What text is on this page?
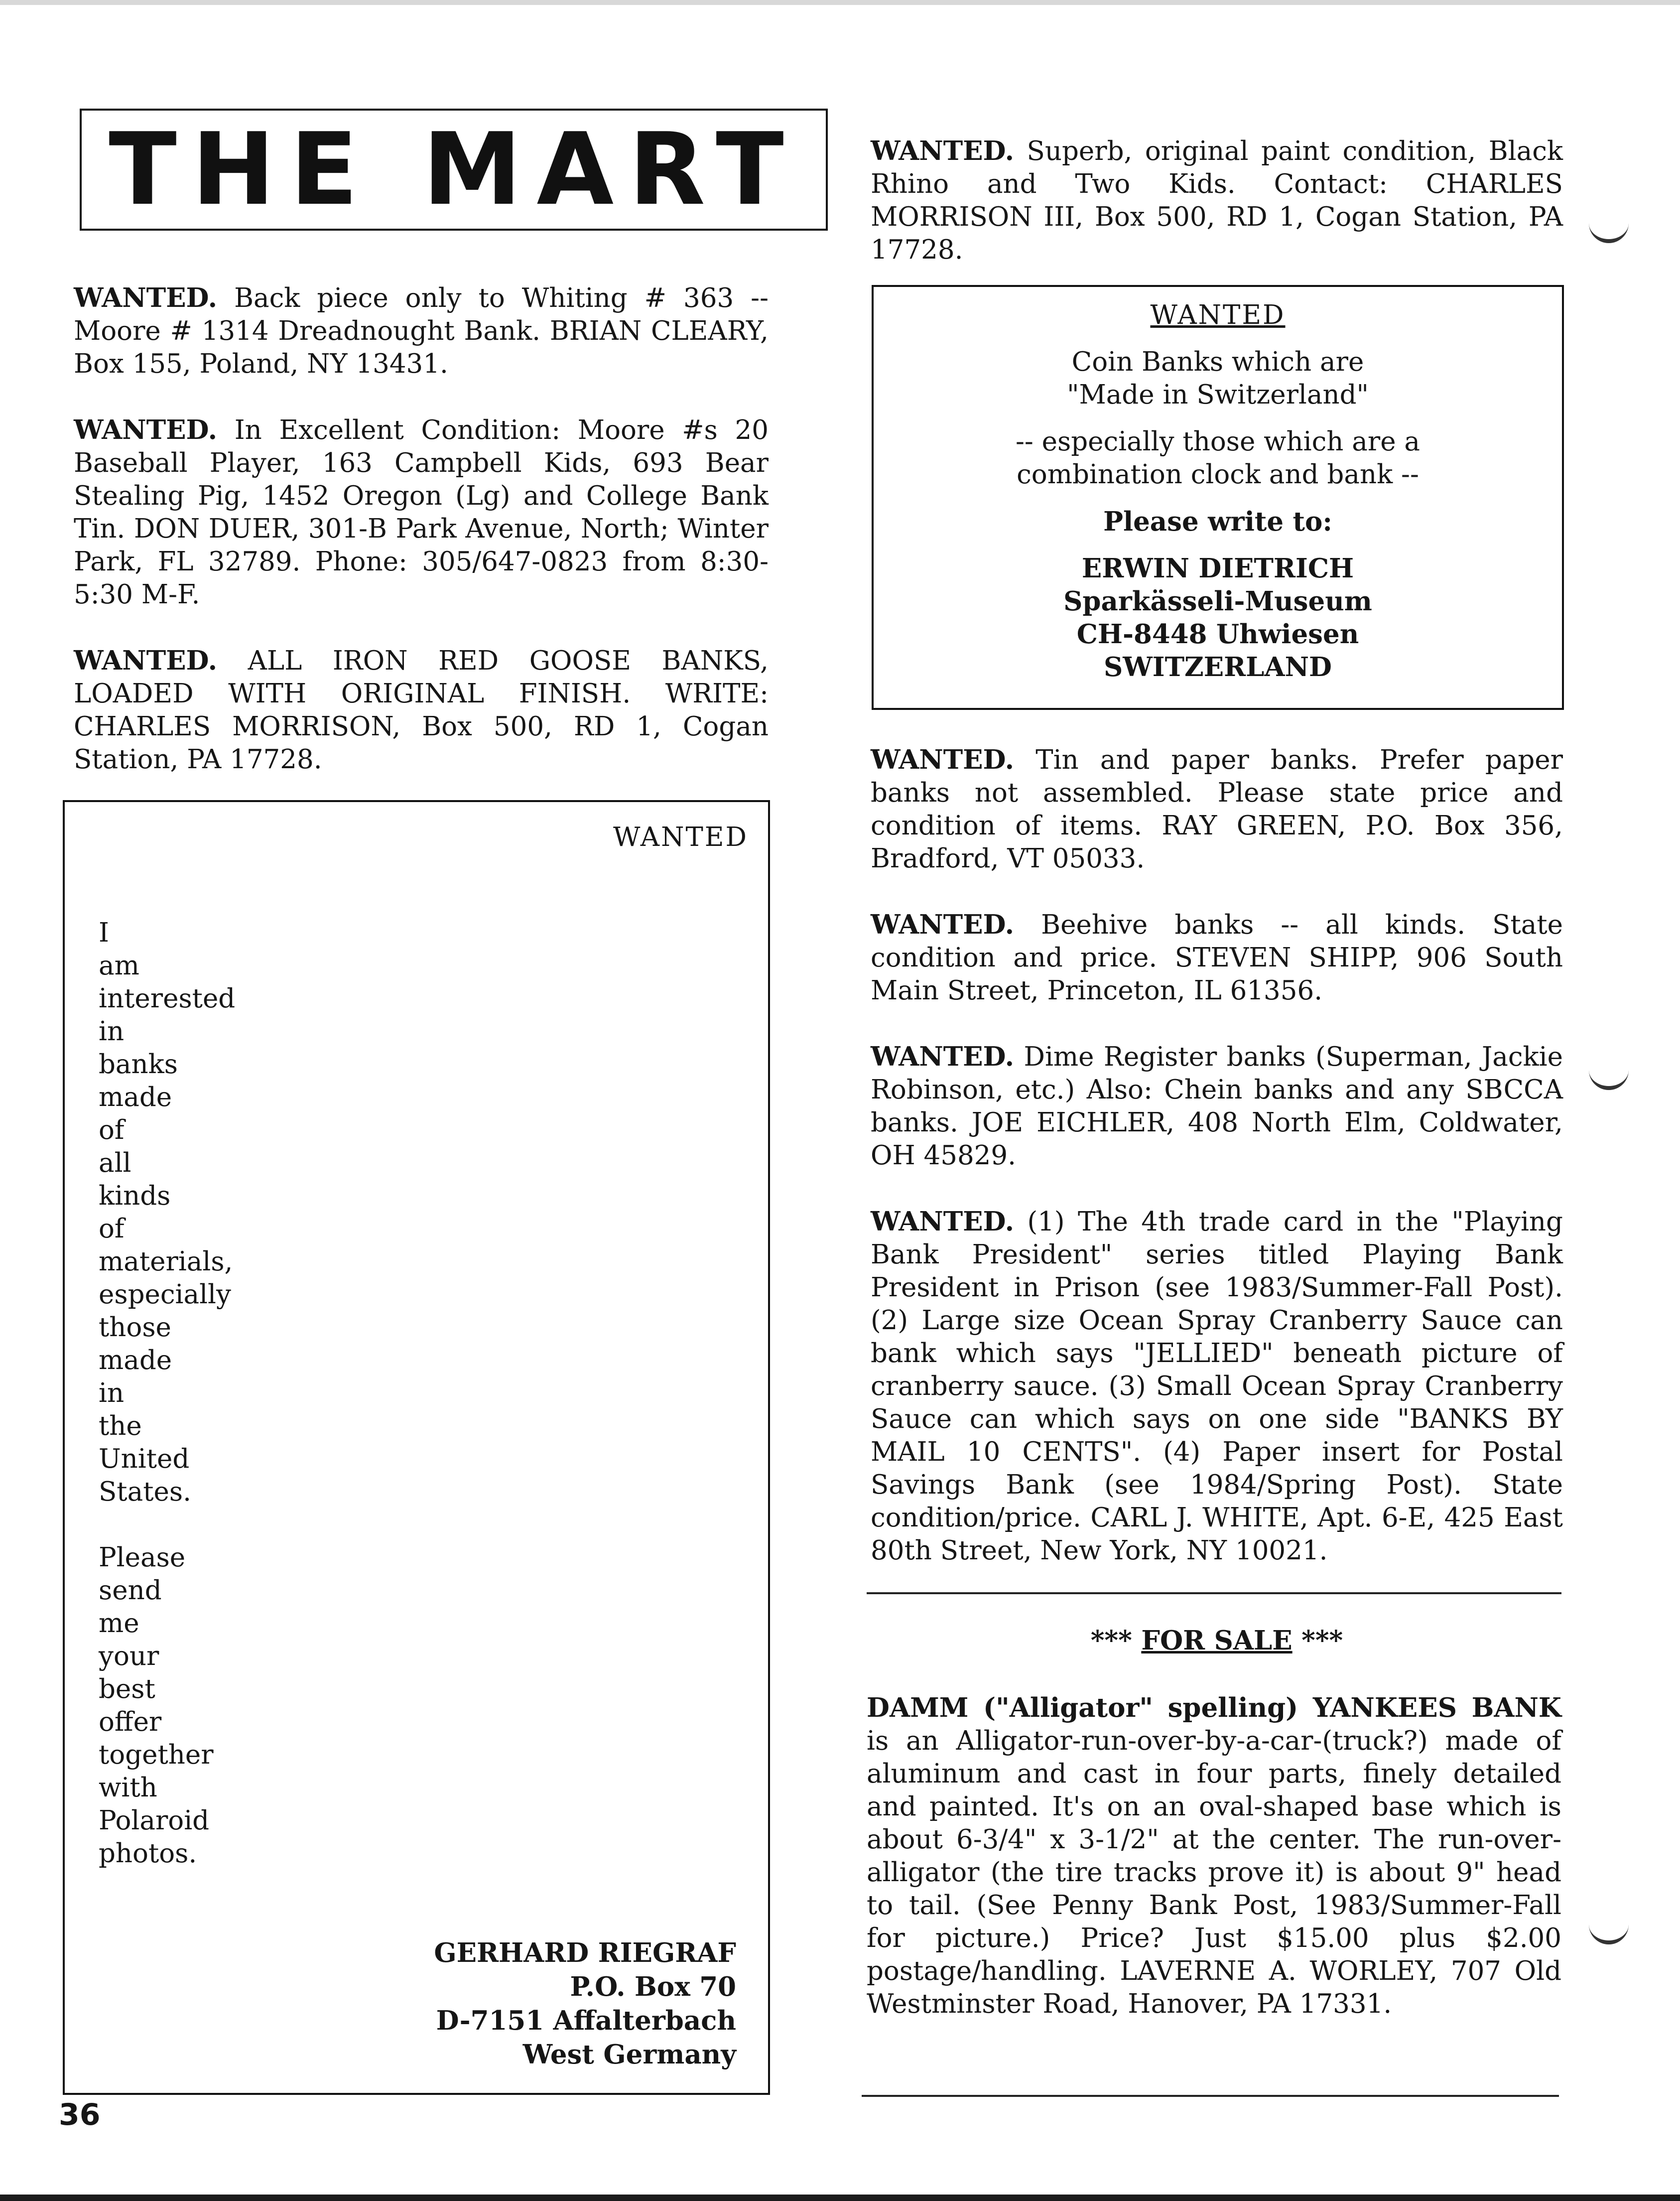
THE MART

WANTED. Back piece only to Whiting # 363 -- Moore # 1314 Dreadnought Bank. BRIAN CLEARY, Box 155, Poland, NY 13431.

WANTED. In Excellent Condition: Moore #s 20 Baseball Player, 163 Campbell Kids, 693 Bear Stealing Pig, 1452 Oregon (Lg) and College Bank Tin. DON DUER, 301-B Park Avenue, North; Winter Park, FL 32789. Phone: 305/647-0823 from 8:30-5:30 M-F.

WANTED. ALL IRON RED GOOSE BANKS, LOADED WITH ORIGINAL FINISH. WRITE: CHARLES MORRISON, Box 500, RD 1, Cogan Station, PA 17728.

WANTED
I
am
interested
in
banks
made
of
all
kinds
of
materials,
especially
those
made
in
the
United
States.
Please
send
me
your
best
offer
together
with
Polaroid
photos.
GERHARD RIEGRAF
P.O. Box 70
D-7151 Affalterbach
West Germany

WANTED. Superb, original paint condition, Black Rhino and Two Kids. Contact: CHARLES MORRISON III, Box 500, RD 1, Cogan Station, PA 17728.

WANTED
Coin Banks which are
"Made in Switzerland"
-- especially those which are a
combination clock and bank --
Please write to:
ERWIN DIETRICH
Sparkässeli-Museum
CH-8448 Uhwiesen
SWITZERLAND

WANTED. Tin and paper banks. Prefer paper banks not assembled. Please state price and condition of items. RAY GREEN, P.O. Box 356, Bradford, VT 05033.

WANTED. Beehive banks -- all kinds. State condition and price. STEVEN SHIPP, 906 South Main Street, Princeton, IL 61356.

WANTED. Dime Register banks (Superman, Jackie Robinson, etc.) Also: Chein banks and any SBCCA banks. JOE EICHLER, 408 North Elm, Coldwater, OH 45829.

WANTED. (1) The 4th trade card in the "Playing Bank President" series titled Playing Bank President in Prison (see 1983/Summer-Fall Post). (2) Large size Ocean Spray Cranberry Sauce can bank which says "JELLIED" beneath picture of cranberry sauce. (3) Small Ocean Spray Cranberry Sauce can which says on one side "BANKS BY MAIL 10 CENTS". (4) Paper insert for Postal Savings Bank (see 1984/Spring Post). State condition/price. CARL J. WHITE, Apt. 6-E, 425 East 80th Street, New York, NY 10021.

*** FOR SALE ***

DAMM ("Alligator" spelling) YANKEES BANK is an Alligator-run-over-by-a-car-(truck?) made of aluminum and cast in four parts, finely detailed and painted. It's on an oval-shaped base which is about 6-3/4" x 3-1/2" at the center. The run-over-alligator (the tire tracks prove it) is about 9" head to tail. (See Penny Bank Post, 1983/Summer-Fall for picture.) Price? Just $15.00 plus $2.00 postage/handling. LAVERNE A. WORLEY, 707 Old Westminster Road, Hanover, PA 17331.

36
